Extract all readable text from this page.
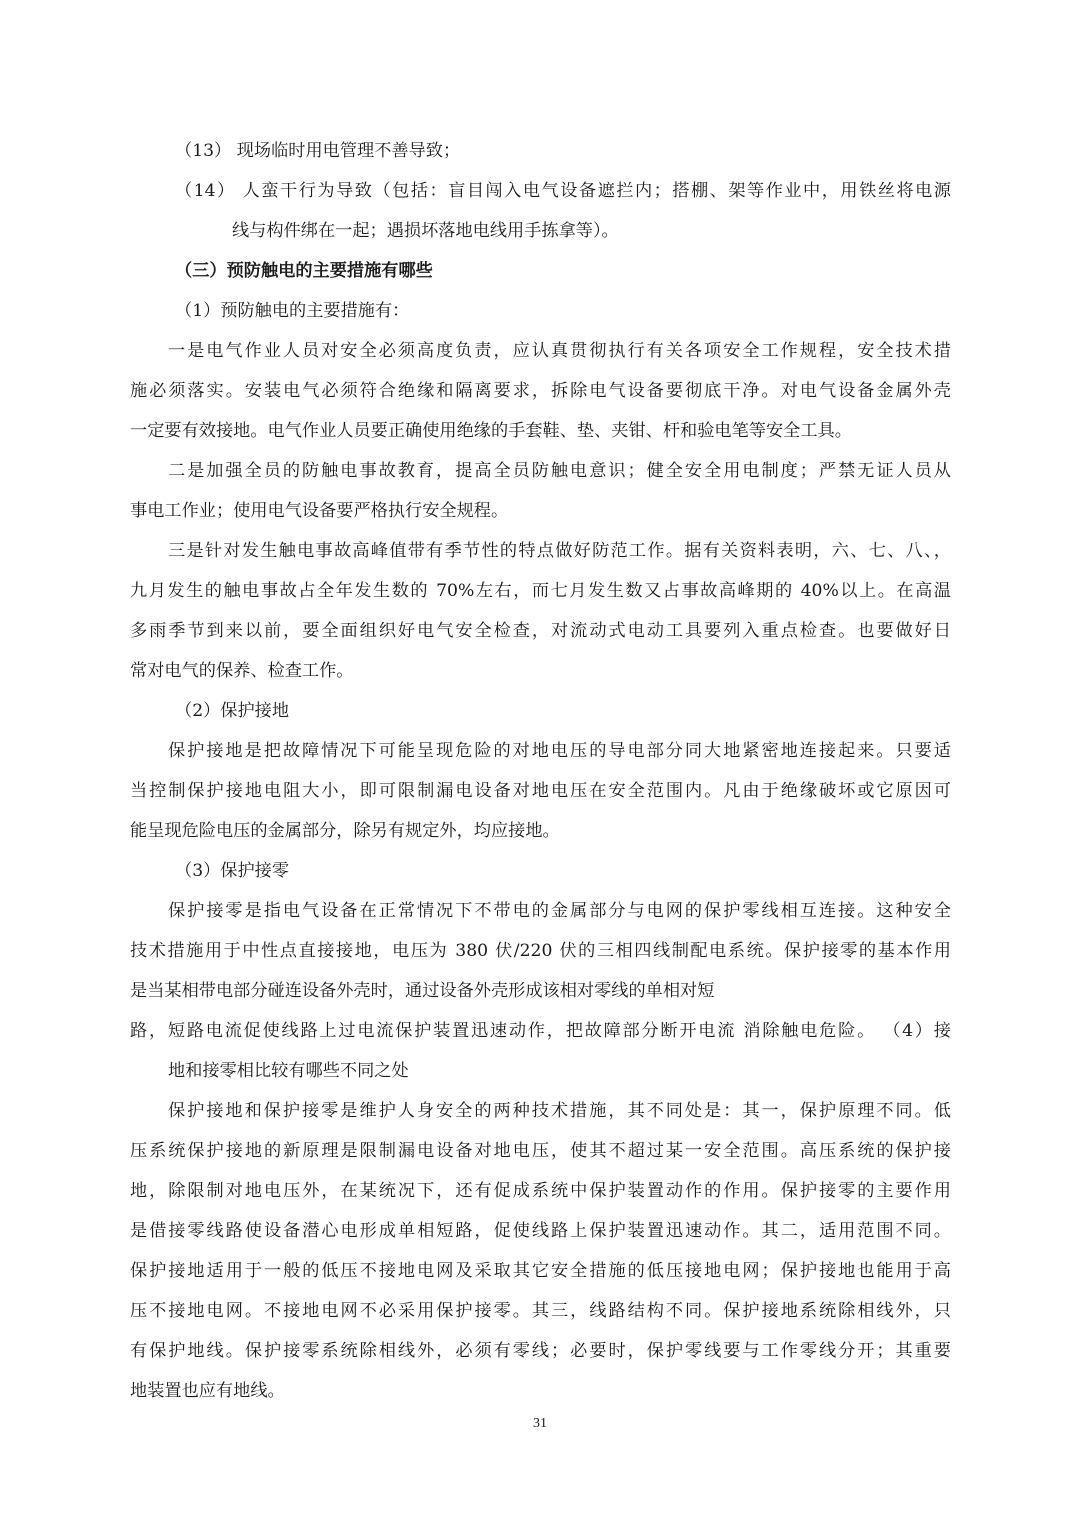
（13） 现场临时用电管理不善导致；
（14） 人蛮干行为导致（包括：盲目闯入电气设备遮拦内；搭棚、架等作业中，用铁丝将电源
线与构件绑在一起；遇损坏落地电线用手拣拿等）。
（三）预防触电的主要措施有哪些
（1）预防触电的主要措施有：
一是电气作业人员对安全必须高度负责，应认真贯彻执行有关各项安全工作规程，安全技术措
施必须落实。安装电气必须符合绝缘和隔离要求，拆除电气设备要彻底干净。对电气设备金属外壳
一定要有效接地。电气作业人员要正确使用绝缘的手套鞋、垫、夹钳、杆和验电笔等安全工具。
二是加强全员的防触电事故教育，提高全员防触电意识；健全安全用电制度；严禁无证人员从
事电工作业；使用电气设备要严格执行安全规程。
三是针对发生触电事故高峰值带有季节性的特点做好防范工作。据有关资料表明，六、七、八、，
九月发生的触电事故占全年发生数的 70%左右，而七月发生数又占事故高峰期的 40%以上。在高温
多雨季节到来以前，要全面组织好电气安全检查，对流动式电动工具要列入重点检查。也要做好日
常对电气的保养、检查工作。
（2）保护接地
保护接地是把故障情况下可能呈现危险的对地电压的导电部分同大地紧密地连接起来。只要适
当控制保护接地电阻大小，即可限制漏电设备对地电压在安全范围内。凡由于绝缘破坏或它原因可
能呈现危险电压的金属部分，除另有规定外，均应接地。
（3）保护接零
保护接零是指电气设备在正常情况下不带电的金属部分与电网的保护零线相互连接。这种安全
技术措施用于中性点直接接地，电压为 380 伏/220 伏的三相四线制配电系统。保护接零的基本作用
是当某相带电部分碰连设备外壳时，通过设备外壳形成该相对零线的单相对短
路，短路电流促使线路上过电流保护装置迅速动作，把故障部分断开电流 消除触电危险。 （4）接
地和接零相比较有哪些不同之处
保护接地和保护接零是维护人身安全的两种技术措施，其不同处是：其一，保护原理不同。低
压系统保护接地的新原理是限制漏电设备对地电压，使其不超过某一安全范围。高压系统的保护接
地，除限制对地电压外，在某统况下，还有促成系统中保护装置动作的作用。保护接零的主要作用
是借接零线路使设备潜心电形成单相短路，促使线路上保护装置迅速动作。其二，适用范围不同。
保护接地适用于一般的低压不接地电网及采取其它安全措施的低压接地电网；保护接地也能用于高
压不接地电网。不接地电网不必采用保护接零。其三，线路结构不同。保护接地系统除相线外，只
有保护地线。保护接零系统除相线外，必须有零线；必要时，保护零线要与工作零线分开；其重要
地装置也应有地线。
31
